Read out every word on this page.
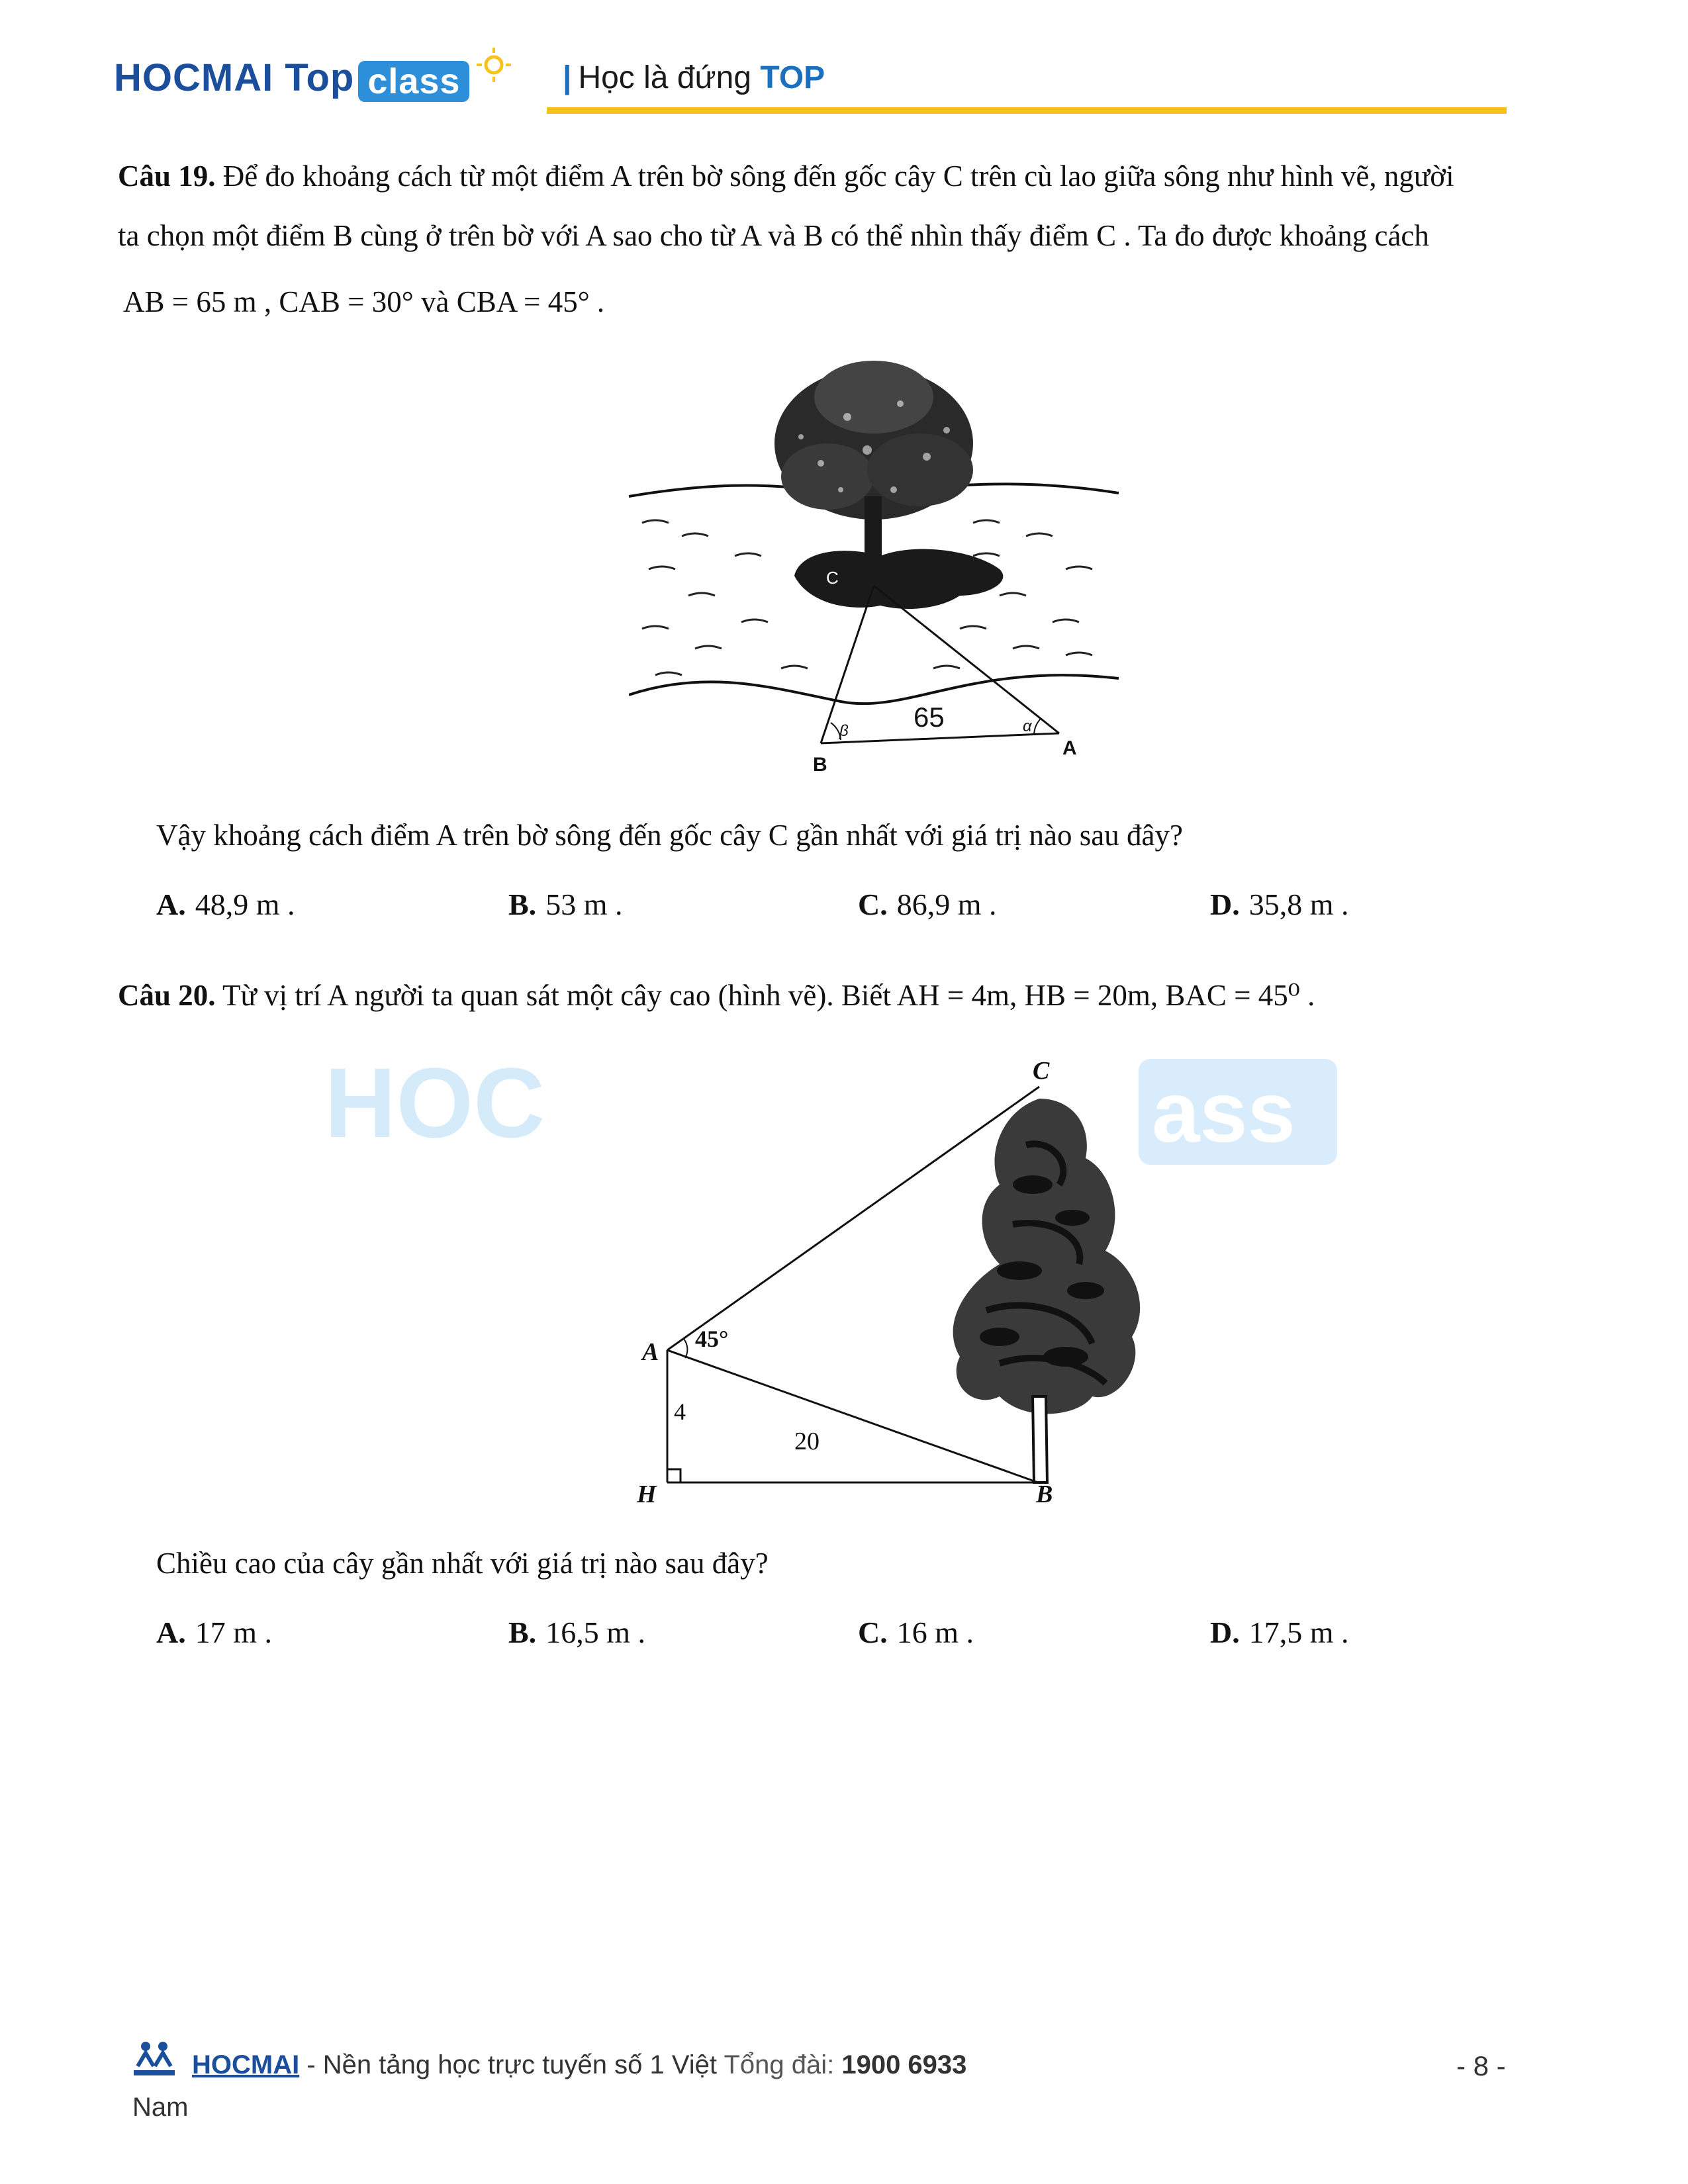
HOCMAI Top class	| Học là đứng TOP
HOC	ass
Câu 19. Để đo khoảng cách từ một điểm A trên bờ sông đến gốc cây C trên cù lao giữa sông như hình vẽ, người
ta chọn một điểm B cùng ở trên bờ với A sao cho từ A và B có thể nhìn thấy điểm C . Ta đo được khoảng cách
AB = 65 m , CAB = 30° và CBA = 45° .
C
A
B
α
β 65
Vậy khoảng cách điểm A trên bờ sông đến gốc cây C gần nhất với giá trị nào sau đây?
A. 48,9 m .	B. 53 m .	C. 86,9 m .	D. 35,8 m .
Câu 20. Từ vị trí A người ta quan sát một cây cao (hình vẽ). Biết AH = 4m, HB = 20m, BAC = 45⁰ .
C
A
H	B
45°
4
20
Chiều cao của cây gần nhất với giá trị nào sau đây?
A. 17 m .	B. 16,5 m .	C. 16 m .	D. 17,5 m .
HOCMAI - Nền tảng học trực tuyến số 1 Việt Tổng đài: 1900 6933
Nam
- 8 -
